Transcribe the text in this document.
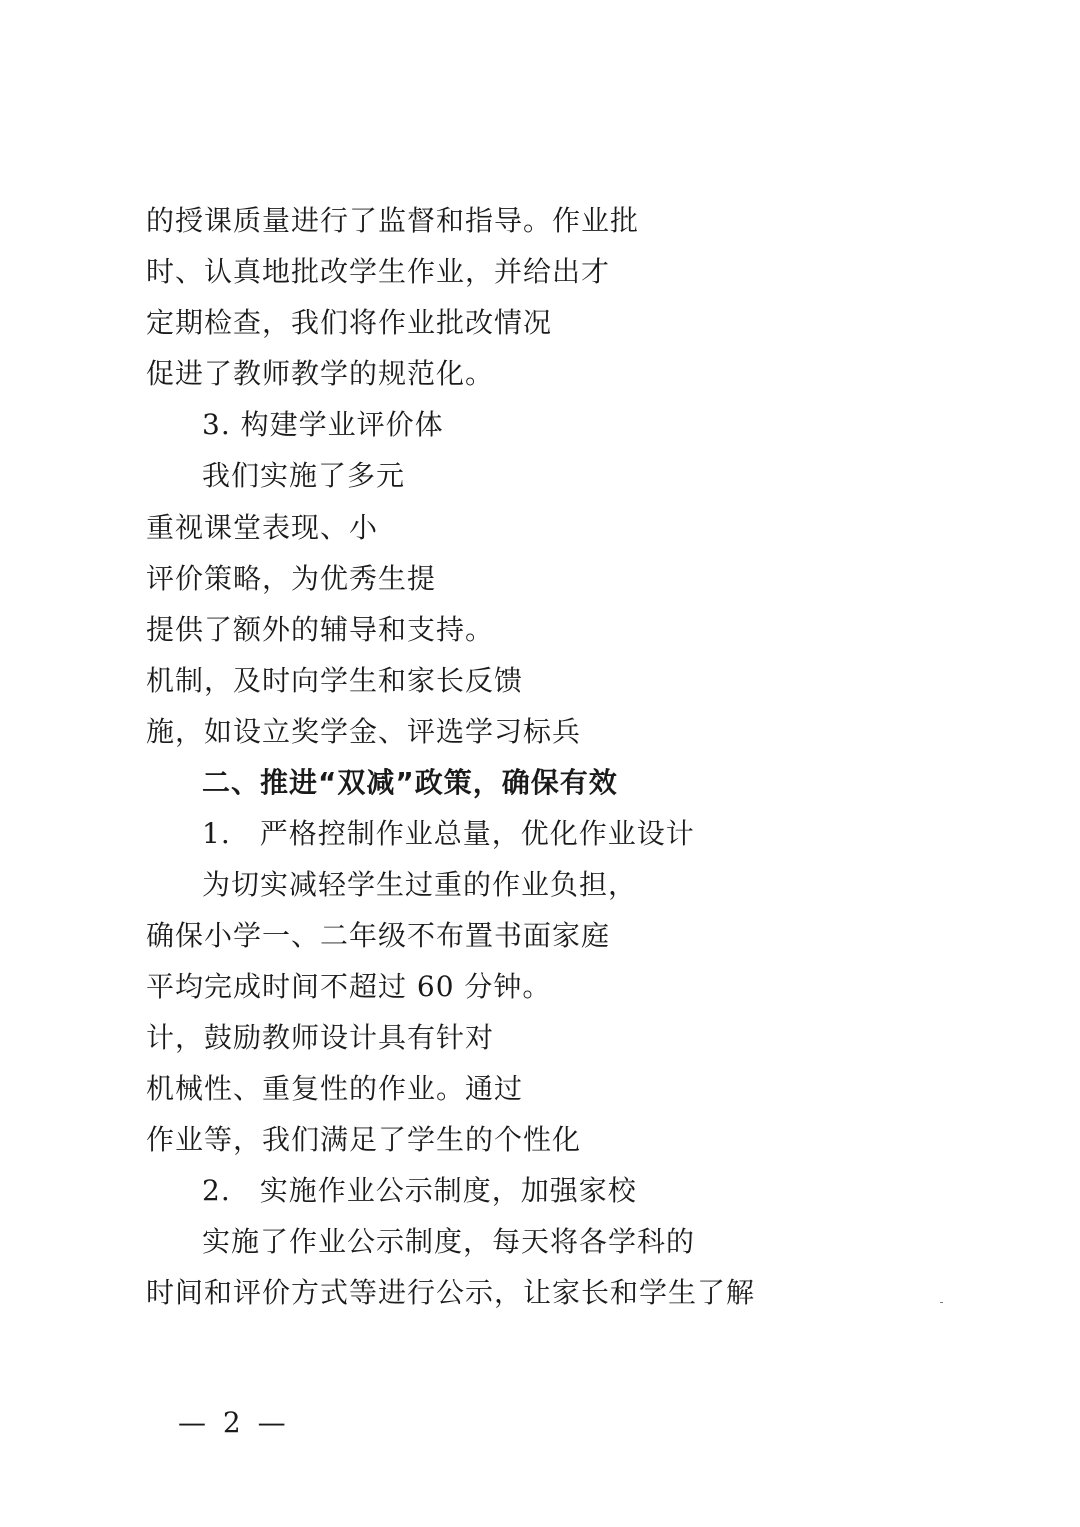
的授课质量进行了监督和指导。作业批
时、认真地批改学生作业，并给出才
定期检查，我们将作业批改情况
促进了教师教学的规范化。
3. 构建学业评价体
我们实施了多元
重视课堂表现、小
评价策略，为优秀生提
提供了额外的辅导和支持。
机制，及时向学生和家长反馈
施，如设立奖学金、评选学习标兵
二、推进“双减”政策，确保有效
1.　严格控制作业总量，优化作业设计
为切实减轻学生过重的作业负担，
确保小学一、二年级不布置书面家庭
平均完成时间不超过 60 分钟。
计，鼓励教师设计具有针对
机械性、重复性的作业。通过
作业等，我们满足了学生的个性化
2.　实施作业公示制度，加强家校
实施了作业公示制度，每天将各学科的
时间和评价方式等进行公示，让家长和学生了解
— 2 —
